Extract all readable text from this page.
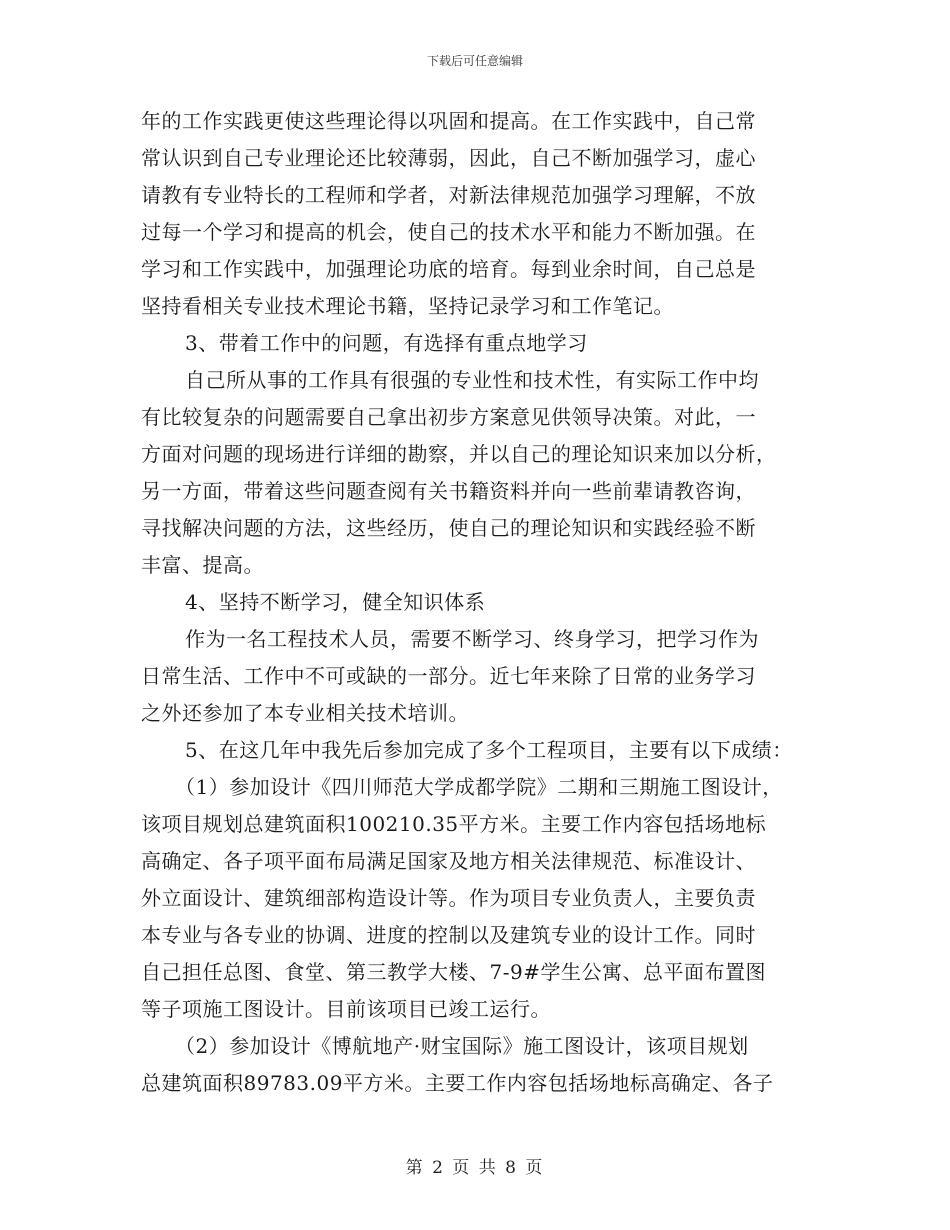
下载后可任意编辑
年的工作实践更使这些理论得以巩固和提高。在工作实践中，自己常
常认识到自己专业理论还比较薄弱，因此，自己不断加强学习，虚心
请教有专业特长的工程师和学者，对新法律规范加强学习理解，不放
过每一个学习和提高的机会，使自己的技术水平和能力不断加强。在
学习和工作实践中，加强理论功底的培育。每到业余时间，自己总是
坚持看相关专业技术理论书籍，坚持记录学习和工作笔记。
3、带着工作中的问题，有选择有重点地学习
自己所从事的工作具有很强的专业性和技术性，有实际工作中均
有比较复杂的问题需要自己拿出初步方案意见供领导决策。对此，一
方面对问题的现场进行详细的勘察，并以自己的理论知识来加以分析，
另一方面，带着这些问题查阅有关书籍资料并向一些前辈请教咨询，
寻找解决问题的方法，这些经历，使自己的理论知识和实践经验不断
丰富、提高。
4、坚持不断学习，健全知识体系
作为一名工程技术人员，需要不断学习、终身学习，把学习作为
日常生活、工作中不可或缺的一部分。近七年来除了日常的业务学习
之外还参加了本专业相关技术培训。
5、在这几年中我先后参加完成了多个工程项目，主要有以下成绩：
（1）参加设计《四川师范大学成都学院》二期和三期施工图设计，
该项目规划总建筑面积100210.35平方米。主要工作内容包括场地标
高确定、各子项平面布局满足国家及地方相关法律规范、标准设计、
外立面设计、建筑细部构造设计等。作为项目专业负责人，主要负责
本专业与各专业的协调、进度的控制以及建筑专业的设计工作。同时
自己担任总图、食堂、第三教学大楼、7-9#学生公寓、总平面布置图
等子项施工图设计。目前该项目已竣工运行。
（2）参加设计《博航地产·财宝国际》施工图设计，该项目规划
总建筑面积89783.09平方米。主要工作内容包括场地标高确定、各子
第 2 页 共 8 页
